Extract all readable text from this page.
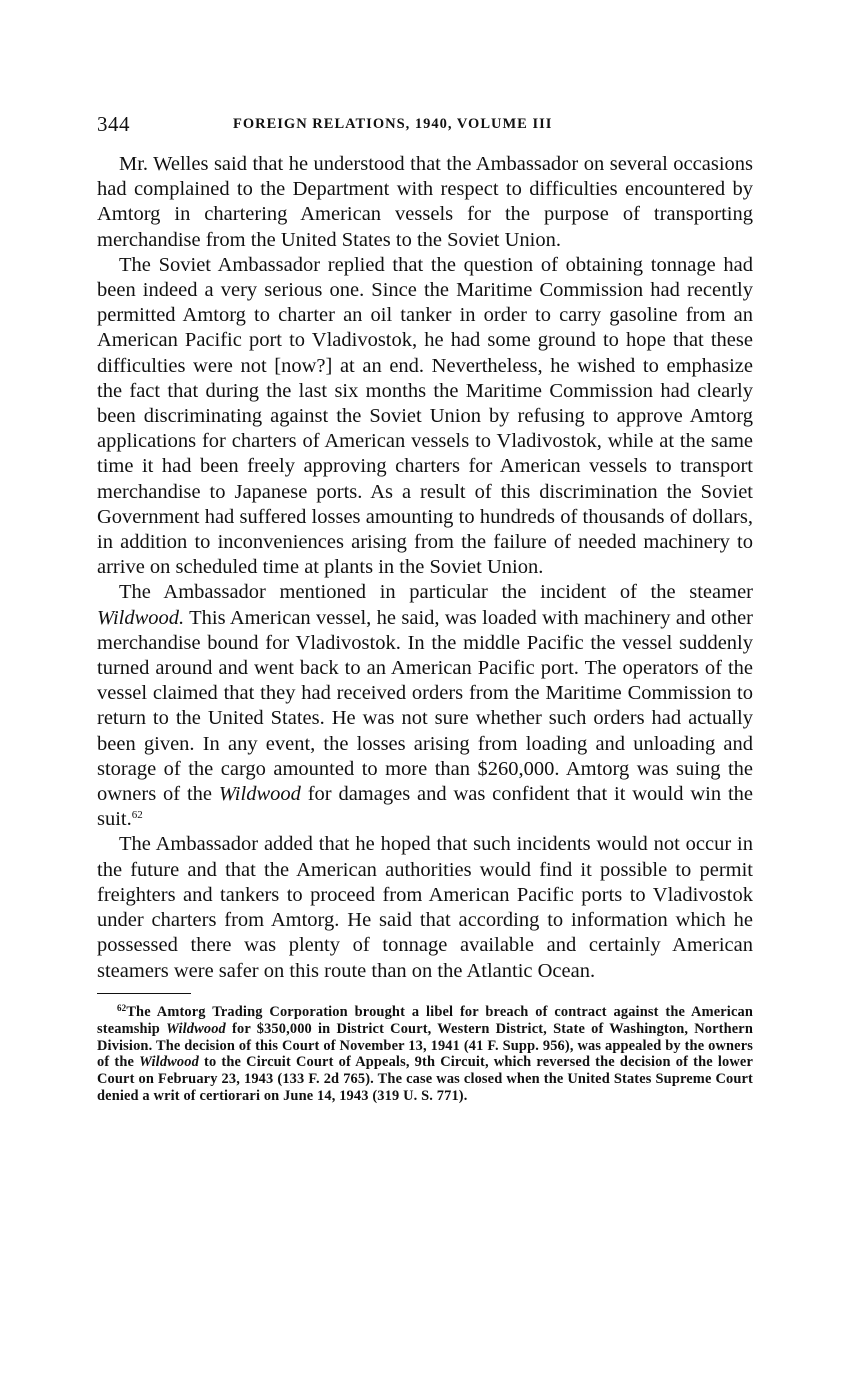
344	FOREIGN RELATIONS, 1940, VOLUME III

Mr. Welles said that he understood that the Ambassador on several occasions had complained to the Department with respect to difficulties encountered by Amtorg in chartering American vessels for the purpose of transporting merchandise from the United States to the Soviet Union.

The Soviet Ambassador replied that the question of obtaining tonnage had been indeed a very serious one. Since the Maritime Commission had recently permitted Amtorg to charter an oil tanker in order to carry gasoline from an American Pacific port to Vladivostok, he had some ground to hope that these difficulties were not [now?] at an end. Nevertheless, he wished to emphasize the fact that during the last six months the Maritime Commission had clearly been discriminating against the Soviet Union by refusing to approve Amtorg applications for charters of American vessels to Vladivostok, while at the same time it had been freely approving charters for American vessels to transport merchandise to Japanese ports. As a result of this discrimination the Soviet Government had suffered losses amounting to hundreds of thousands of dollars, in addition to inconveniences arising from the failure of needed machinery to arrive on scheduled time at plants in the Soviet Union.

The Ambassador mentioned in particular the incident of the steamer Wildwood. This American vessel, he said, was loaded with machinery and other merchandise bound for Vladivostok. In the middle Pacific the vessel suddenly turned around and went back to an American Pacific port. The operators of the vessel claimed that they had received orders from the Maritime Commission to return to the United States. He was not sure whether such orders had actually been given. In any event, the losses arising from loading and unloading and storage of the cargo amounted to more than $260,000. Amtorg was suing the owners of the Wildwood for damages and was confident that it would win the suit.$^{62}$

The Ambassador added that he hoped that such incidents would not occur in the future and that the American authorities would find it possible to permit freighters and tankers to proceed from American Pacific ports to Vladivostok under charters from Amtorg. He said that according to information which he possessed there was plenty of tonnage available and certainly American steamers were safer on this route than on the Atlantic Ocean.

$^{62}$The Amtorg Trading Corporation brought a libel for breach of contract against the American steamship Wildwood for $350,000 in District Court, Western District, State of Washington, Northern Division. The decision of this Court of November 13, 1941 (41 F. Supp. 956), was appealed by the owners of the Wildwood to the Circuit Court of Appeals, 9th Circuit, which reversed the decision of the lower Court on February 23, 1943 (133 F. 2d 765). The case was closed when the United States Supreme Court denied a writ of certiorari on June 14, 1943 (319 U. S. 771).
